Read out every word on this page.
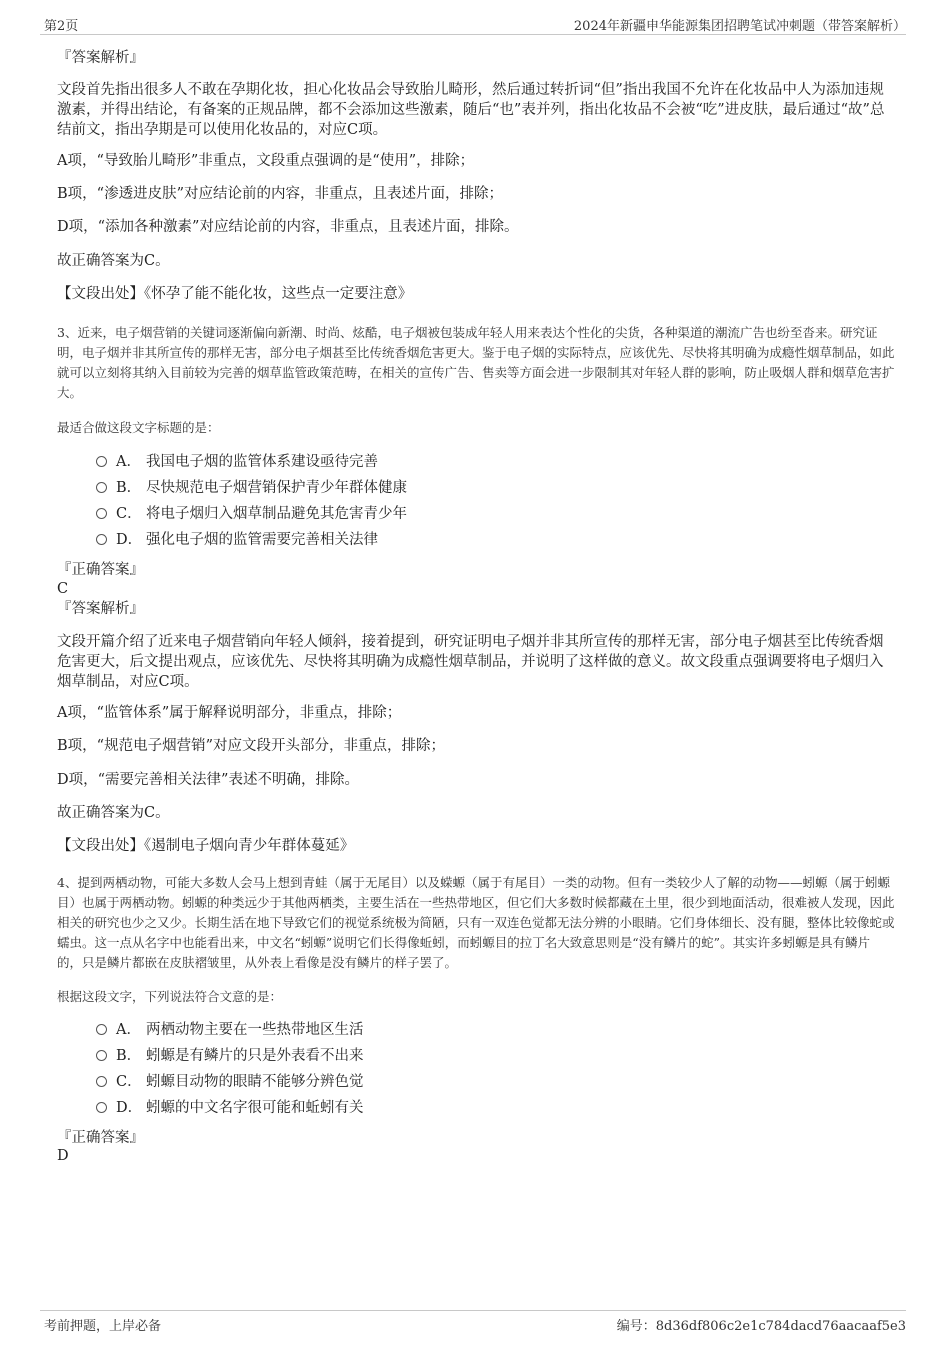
第2页	2024年新疆申华能源集团招聘笔试冲刺题（带答案解析）
『答案解析』
文段首先指出很多人不敢在孕期化妆，担心化妆品会导致胎儿畸形，然后通过转折词“但”指出我国不允许在化妆品中人为添加违规激素，并得出结论，有备案的正规品牌，都不会添加这些激素，随后“也”表并列，指出化妆品不会被“吃”进皮肤，最后通过“故”总结前文，指出孕期是可以使用化妆品的，对应C项。
A项，“导致胎儿畸形”非重点，文段重点强调的是“使用”，排除；
B项，“渗透进皮肤”对应结论前的内容，非重点，且表述片面，排除；
D项，“添加各种激素”对应结论前的内容，非重点，且表述片面，排除。
故正确答案为C。
【文段出处】《怀孕了能不能化妆，这些点一定要注意》
3、近来，电子烟营销的关键词逐渐偏向新潮、时尚、炫酷，电子烟被包装成年轻人用来表达个性化的尖货，各种渠道的潮流广告也纷至沓来。研究证明，电子烟并非其所宣传的那样无害，部分电子烟甚至比传统香烟危害更大。鉴于电子烟的实际特点，应该优先、尽快将其明确为成瘾性烟草制品，如此就可以立刻将其纳入目前较为完善的烟草监管政策范畴，在相关的宣传广告、售卖等方面会进一步限制其对年轻人群的影响，防止吸烟人群和烟草危害扩大。
最适合做这段文字标题的是：
A． 我国电子烟的监管体系建设亟待完善
B． 尽快规范电子烟营销保护青少年群体健康
C． 将电子烟归入烟草制品避免其危害青少年
D． 强化电子烟的监管需要完善相关法律
『正确答案』
C
『答案解析』
文段开篇介绍了近来电子烟营销向年轻人倾斜，接着提到，研究证明电子烟并非其所宣传的那样无害，部分电子烟甚至比传统香烟危害更大，后文提出观点，应该优先、尽快将其明确为成瘾性烟草制品，并说明了这样做的意义。故文段重点强调要将电子烟归入烟草制品，对应C项。
A项，“监管体系”属于解释说明部分，非重点，排除；
B项，“规范电子烟营销”对应文段开头部分，非重点，排除；
D项，“需要完善相关法律”表述不明确，排除。
故正确答案为C。
【文段出处】《遏制电子烟向青少年群体蔓延》
4、提到两栖动物，可能大多数人会马上想到青蛙（属于无尾目）以及蝾螈（属于有尾目）一类的动物。但有一类较少人了解的动物——蚓螈（属于蚓螈目）也属于两栖动物。蚓螈的种类远少于其他两栖类，主要生活在一些热带地区，但它们大多数时候都藏在土里，很少到地面活动，很难被人发现，因此相关的研究也少之又少。长期生活在地下导致它们的视觉系统极为简陋，只有一双连色觉都无法分辨的小眼睛。它们身体细长、没有腿，整体比较像蛇或蠕虫。这一点从名字中也能看出来，中文名“蚓螈”说明它们长得像蚯蚓，而蚓螈目的拉丁名大致意思则是“没有鳞片的蛇”。其实许多蚓螈是具有鳞片的，只是鳞片都嵌在皮肤褶皱里，从外表上看像是没有鳞片的样子罢了。
根据这段文字，下列说法符合文意的是：
A． 两栖动物主要在一些热带地区生活
B． 蚓螈是有鳞片的只是外表看不出来
C． 蚓螈目动物的眼睛不能够分辨色觉
D． 蚓螈的中文名字很可能和蚯蚓有关
『正确答案』
D
考前押题，上岸必备	编号：8d36df806c2e1c784dacd76aacaaf5e3
